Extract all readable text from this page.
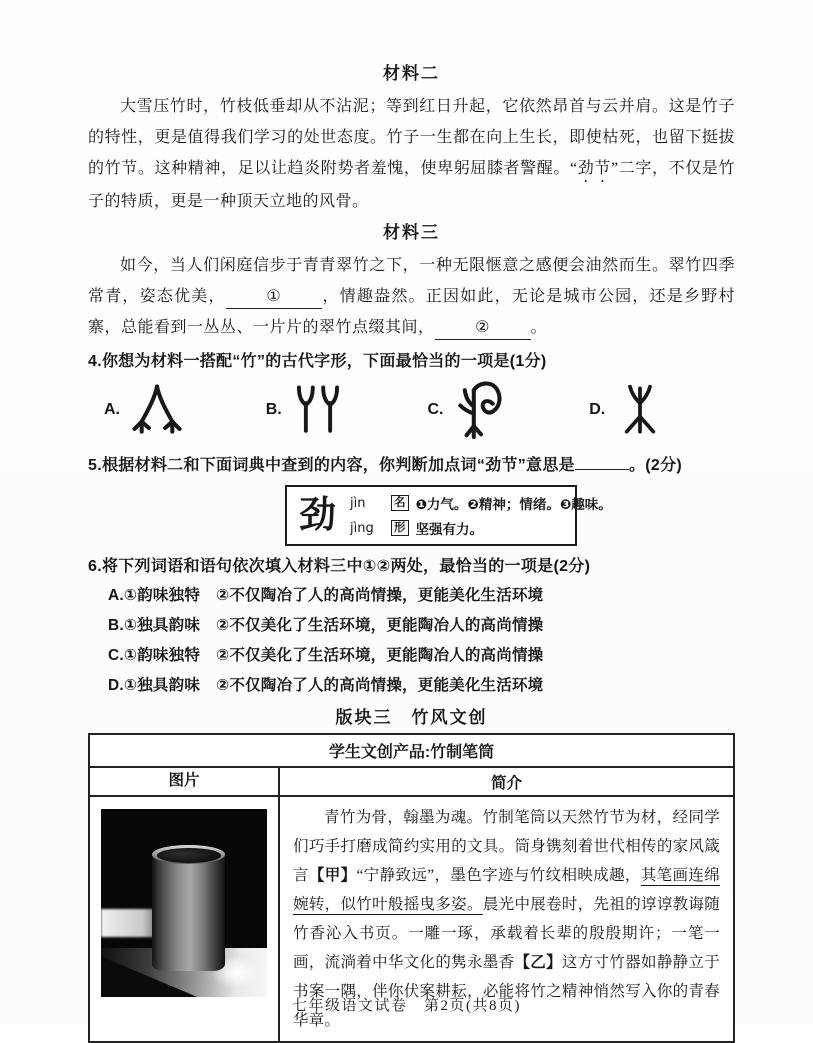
材料二

大雪压竹时，竹枝低垂却从不沾泥；等到红日升起，它依然昂首与云并肩。这是竹子的特性，更是值得我们学习的处世态度。竹子一生都在向上生长，即使枯死，也留下挺拔的竹节。这种精神，足以让趋炎附势者羞愧，使卑躬屈膝者警醒。“劲节”二字，不仅是竹子的特质，更是一种顶天立地的风骨。

材料三

如今，当人们闲庭信步于青青翠竹之下，一种无限惬意之感便会油然而生。翠竹四季常青，姿态优美，	①	，情趣盎然。正因如此，无论是城市公园，还是乡野村寨，总能看到一丛丛、一片片的翠竹点缀其间，	②	。

4.你想为材料一搭配“竹”的古代字形，下面最恰当的一项是(1分)
A.	B.	C.	D.
5.根据材料二和下面词典中查到的内容，你判断加点词“劲节”意思是	。(2分)
劲 jìn	名 ❶力气。❷精神；情绪。❸趣味。
jìng	形 坚强有力。
6.将下列词语和语句依次填入材料三中①②两处，最恰当的一项是(2分)
A.①韵味独特 ②不仅陶冶了人的高尚情操，更能美化生活环境
B.①独具韵味 ②不仅美化了生活环境，更能陶冶人的高尚情操
C.①韵味独特 ②不仅美化了生活环境，更能陶冶人的高尚情操
D.①独具韵味 ②不仅陶冶了人的高尚情操，更能美化生活环境
版块三　竹风文创
学生文创产品:竹制笔筒	
图片	简介

	青竹为骨，翰墨为魂。竹制笔筒以天然竹节为材，经同学们巧手打磨成简约实用的文具。筒身镌刻着世代相传的家风箴言【甲】“宁静致远”，墨色字迹与竹纹相映成趣，其笔画连绵婉转，似竹叶般摇曳多姿。晨光中展卷时，先祖的谆谆教诲随竹香沁入书页。一雕一琢，承载着长辈的殷殷期许；一笔一画，流淌着中华文化的隽永墨香【乙】这方寸竹器如静静立于书案一隅，伴你伏案耕耘，必能将竹之精神悄然写入你的青春华章。

七年级语文试卷　第2页(共8页)
